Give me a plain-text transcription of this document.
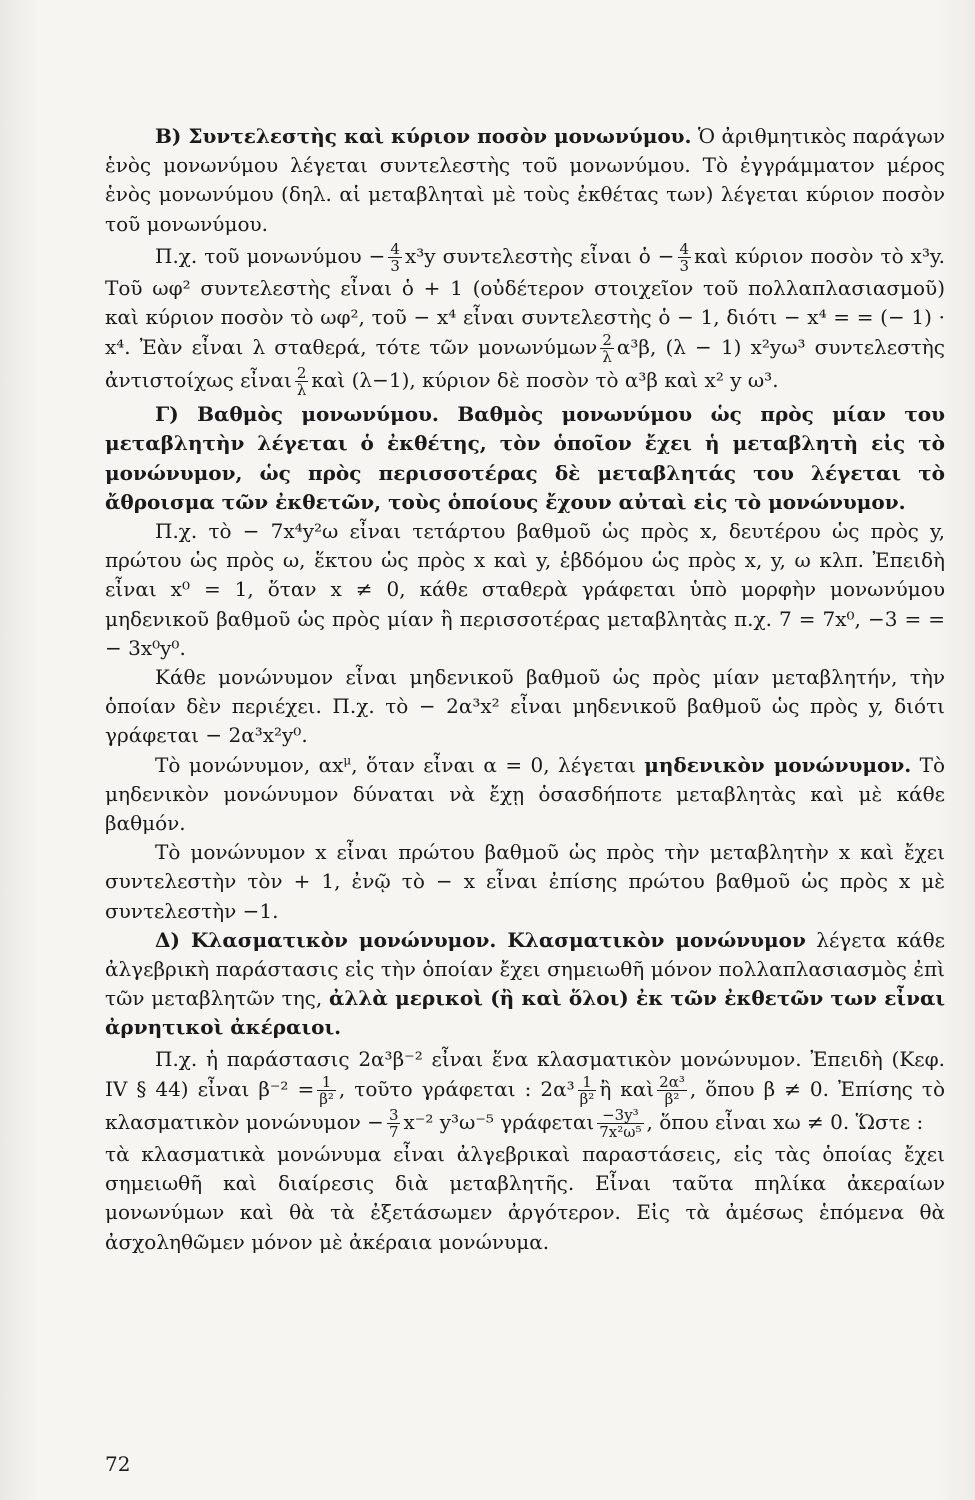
Β) Συντελεστὴς καὶ κύριον ποσὸν μονωνύμου. Ὁ ἀριθμητικὸς παράγων ἑνὸς μονωνύμου λέγεται συντελεστὴς τοῦ μονωνύμου. Τὸ ἐγγράμματον μέρος ἑνὸς μονωνύμου (δηλ. αἱ μεταβληταὶ μὲ τοὺς ἐκθέτας των) λέγεται κύριον ποσὸν τοῦ μονωνύμου.

Π.χ. τοῦ $\mu o\nu\omega\nu ύ\mu o\upsilon - \frac{4}{3} x^3y$ συντελεστὴς εἶναι ὁ − $\frac{4}{3}$ καὶ κύριον ποσὸν τὸ x³y. Τοῦ ωφ² συντελεστὴς εἶναι ὁ + 1 (οὐδέτερον στοιχεῖον τοῦ πολλαπλασιασμοῦ) καὶ κύριον ποσὸν τὸ ωφ², τοῦ − x⁴ εἶναι συντελεστὴς ὁ − 1, διότι − x⁴ = = (− 1) · x⁴. Ἐὰν εἶναι λ σταθερά, τότε τῶν μονωνύμων $\frac{2}{\lambda} \alpha^3\beta$, (λ − 1) x²yω³ συντελεστὴς ἀντιστοίχως εἶναι $\frac{2}{\lambda}$ καὶ (λ−1), κύριον δὲ ποσὸν τὸ α³β καὶ x² y ω³.

Γ) Βαθμὸς μονωνύμου. Βαθμὸς μονωνύμου ὡς πρὸς μίαν του μεταβλητὴν λέγεται ὁ ἐκθέτης, τὸν ὁποῖον ἔχει ἡ μεταβλητὴ εἰς τὸ μονώνυμον, ὡς πρὸς περισσοτέρας δὲ μεταβλητάς του λέγεται τὸ ἄθροισμα τῶν ἐκθετῶν, τοὺς ὁποίους ἔχουν αὐταὶ εἰς τὸ μονώνυμον.

Π.χ. τὸ − 7x⁴y²ω εἶναι τετάρτου βαθμοῦ ὡς πρὸς x, δευτέρου ὡς πρὸς y, πρώτου ὡς πρὸς ω, ἕκτου ὡς πρὸς x καὶ y, ἑβδόμου ὡς πρὸς x, y, ω κλπ. Ἐπειδὴ εἶναι x⁰ = 1, ὅταν x ≠ 0, κάθε σταθερὰ γράφεται ὑπὸ μορφὴν μονωνύμου μηδενικοῦ βαθμοῦ ὡς πρὸς μίαν ἢ περισσοτέρας μεταβλητὰς π.χ. 7 = 7x⁰, −3 = = − 3x⁰y⁰.

Κάθε μονώνυμον εἶναι μηδενικοῦ βαθμοῦ ὡς πρὸς μίαν μεταβλητήν, τὴν ὁποίαν δὲν περιέχει. Π.χ. τὸ − 2α³x² εἶναι μηδενικοῦ βαθμοῦ ὡς πρὸς y, διότι γράφεται − 2α³x²y⁰.

Τὸ μονώνυμον, $\alpha x^\mu$, ὅταν εἶναι α = 0, λέγεται μηδενικὸν μονώνυμον. Τὸ μηδενικὸν μονώνυμον δύναται νὰ ἔχῃ ὁσασδήποτε μεταβλητὰς καὶ μὲ κάθε βαθμόν.

Τὸ μονώνυμον x εἶναι πρώτου βαθμοῦ ὡς πρὸς τὴν μεταβλητὴν x καὶ ἔχει συντελεστὴν τὸν + 1, ἐνῷ τὸ − x εἶναι ἐπίσης πρώτου βαθμοῦ ὡς πρὸς x μὲ συντελεστὴν −1.

Δ) Κλασματικὸν μονώνυμον. Κλασματικὸν μονώνυμον λέγετα κάθε ἀλγεβρικὴ παράστασις εἰς τὴν ὁποίαν ἔχει σημειωθῆ μόνον πολλαπλασιασμὸς ἐπὶ τῶν μεταβλητῶν της, ἀλλὰ μερικοὶ (ἢ καὶ ὅλοι) ἐκ τῶν ἐκθετῶν των εἶναι ἀρνητικοὶ ἀκέραιοι.

Π.χ. ἡ παράστασις 2α³β⁻² εἶναι ἕνα κλασματικὸν μονώνυμον. Ἐπειδὴ (Κεφ. IV § 44) εἶναι $\beta^{-2} = \frac{1}{\text{β²}}$ , τοῦτο γράφεται : $2\alpha^3 \frac{1}{\text{β²}}$ ἢ καὶ $\frac{\text{2α³}}{\text{β²}}$ , ὅπου β ≠ 0. Ἐπίσης τὸ κλασματικὸν $\mu o\nu ώ\nu\upsilon\mu o\nu - \frac{3}{7} x^{-2}$ y³ω⁻⁵ γράφεται $\frac{\text{−3y³}}{\text{7x²ω⁵}}$ , ὅπου εἶναι xω ≠ 0. Ὥστε :

τὰ κλασματικὰ μονώνυμα εἶναι ἀλγεβρικαὶ παραστάσεις, εἰς τὰς ὁποίας ἔχει σημειωθῆ καὶ διαίρεσις διὰ μεταβλητῆς. Εἶναι ταῦτα πηλίκα ἀκεραίων μονωνύμων καὶ θὰ τὰ ἐξετάσωμεν ἀργότερον. Εἰς τὰ ἀμέσως ἑπόμενα θὰ ἀσχοληθῶμεν μόνον μὲ ἀκέραια μονώνυμα.

72
